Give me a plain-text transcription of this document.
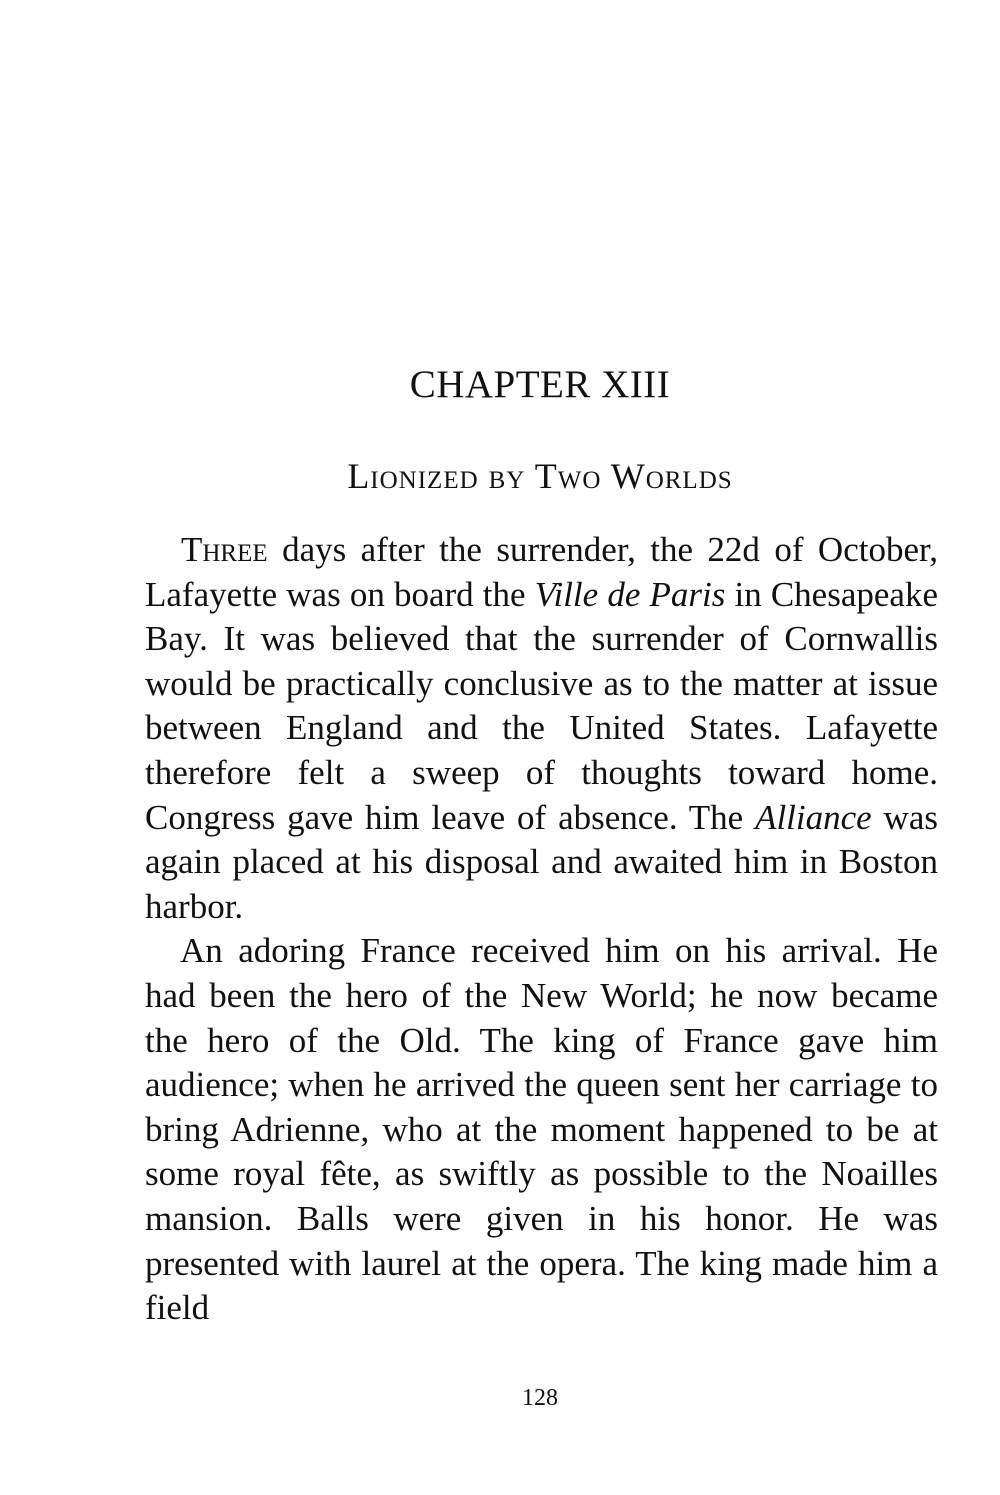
CHAPTER XIII
Lionized by Two Worlds

Three days after the surrender, the 22d of October, Lafayette was on board the Ville de Paris in Chesapeake Bay. It was believed that the surrender of Cornwallis would be practically conclusive as to the matter at issue between England and the United States. Lafayette therefore felt a sweep of thoughts toward home. Congress gave him leave of absence. The Alliance was again placed at his disposal and awaited him in Boston harbor.

An adoring France received him on his arrival. He had been the hero of the New World; he now became the hero of the Old. The king of France gave him audience; when he arrived the queen sent her carriage to bring Adrienne, who at the moment happened to be at some royal fête, as swiftly as possible to the Noailles mansion. Balls were given in his honor. He was presented with laurel at the opera. The king made him a field

128
